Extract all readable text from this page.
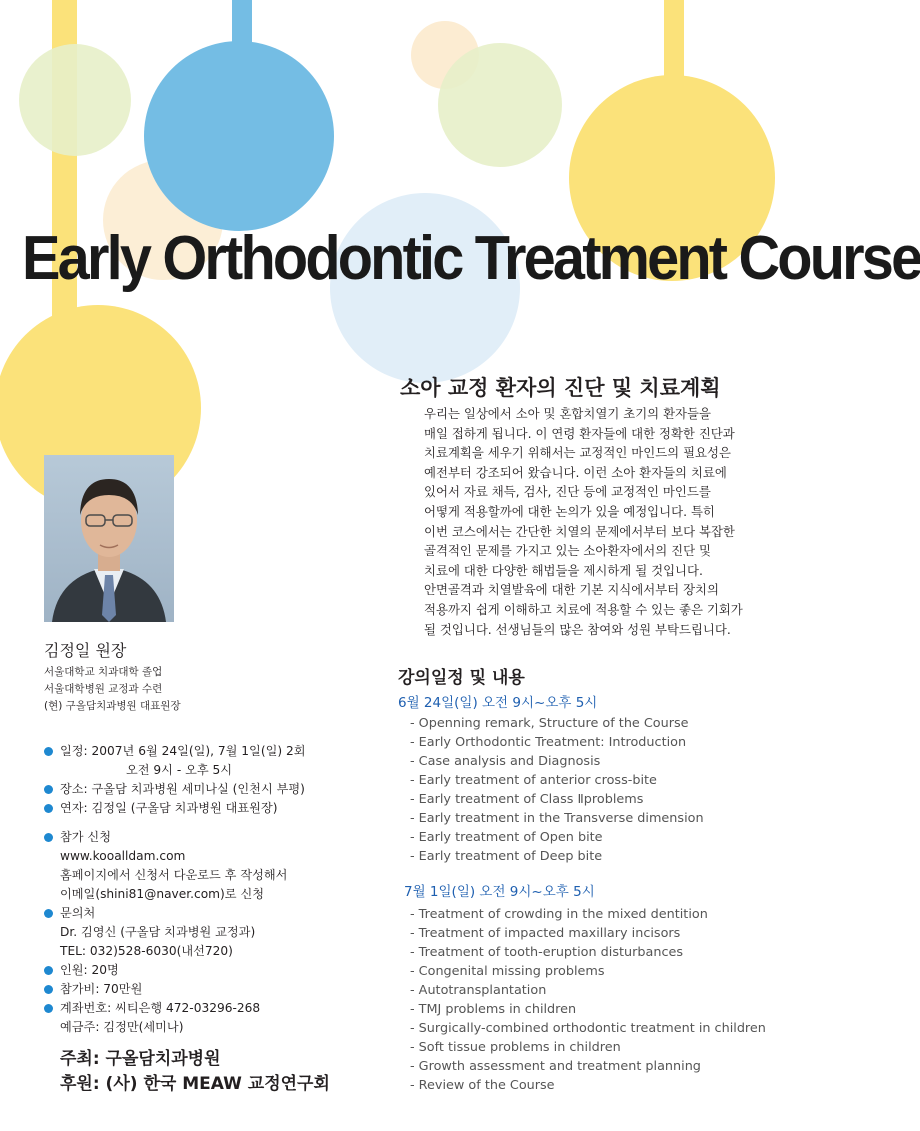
Early Orthodontic Treatment Course
소아 교정 환자의 진단 및 치료계획
우리는 일상에서 소아 및 혼합치열기 초기의 환자들을
매일 접하게 됩니다. 이 연령 환자들에 대한 정확한 진단과
치료계획을 세우기 위해서는 교정적인 마인드의 필요성은
예전부터 강조되어 왔습니다. 이런 소아 환자들의 치료에
있어서 자료 채득, 검사, 진단 등에 교정적인 마인드를
어떻게 적용할까에 대한 논의가 있을 예정입니다. 특히
이번 코스에서는 간단한 치열의 문제에서부터 보다 복잡한
골격적인 문제를 가지고 있는 소아환자에서의 진단 및
치료에 대한 다양한 해법들을 제시하게 될 것입니다.
안면골격과 치열발육에 대한 기본 지식에서부터 장치의
적용까지 쉽게 이해하고 치료에 적용할 수 있는 좋은 기회가
될 것입니다. 선생님들의 많은 참여와 성원 부탁드립니다.
김정일 원장
서울대학교 치과대학 졸업
서울대학병원 교정과 수련
(현) 구올담치과병원 대표원장
일정: 2007년 6월 24일(일), 7월 1일(일) 2회
오전 9시 - 오후 5시
장소: 구올담 치과병원 세미나실 (인천시 부평)
연자: 김정일 (구올담 치과병원 대표원장)
참가 신청
www.kooalldam.com
홈페이지에서 신청서 다운로드 후 작성해서
이메일(shini81@naver.com)로 신청
문의처
Dr. 김영신 (구올담 치과병원 교정과)
TEL: 032)528-6030(내선720)
인원: 20명
참가비: 70만원
계좌번호: 씨티은행 472-03296-268
예금주: 김정만(세미나)
주최: 구올담치과병원
후원: (사) 한국 MEAW 교정연구회
강의일정 및 내용
6월 24일(일) 오전 9시~오후 5시
- Openning remark, Structure of the Course
- Early Orthodontic Treatment: Introduction
- Case analysis and Diagnosis
- Early treatment of anterior cross-bite
- Early treatment of Class Ⅱproblems
- Early treatment in the Transverse dimension
- Early treatment of Open bite
- Early treatment of Deep bite
7월 1일(일) 오전 9시~오후 5시
- Treatment of crowding in the mixed dentition
- Treatment of impacted maxillary incisors
- Treatment of tooth-eruption disturbances
- Congenital missing problems
- Autotransplantation
- TMJ problems in children
- Surgically-combined orthodontic treatment in children
- Soft tissue problems in children
- Growth assessment and treatment planning
- Review of the Course
